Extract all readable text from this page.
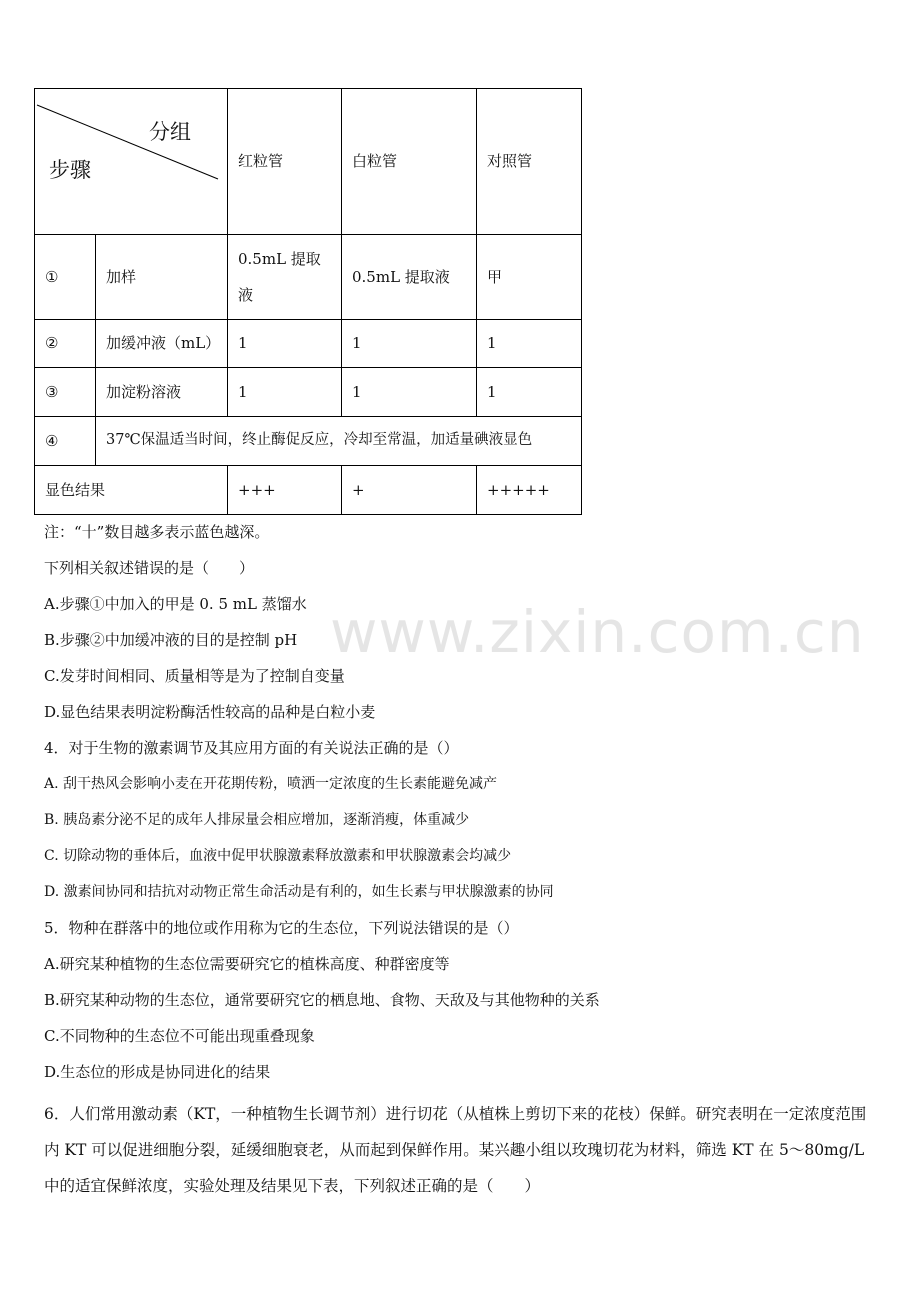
分组
步骤		红粒管	白粒管	对照管
①	加样	0.5mL 提取液	0.5mL 提取液	甲
②	加缓冲液（mL）	1	1	1
③	加淀粉溶液	1	1	1
④	37℃保温适当时间，终止酶促反应，冷却至常温，加适量碘液显色			
显色结果		+++	+	+++++
www.zixin.com.cn
注：“十”数目越多表示蓝色越深。
下列相关叙述错误的是（　　）
A.步骤①中加入的甲是 0. 5 mL 蒸馏水
B.步骤②中加缓冲液的目的是控制 pH
C.发芽时间相同、质量相等是为了控制自变量
D.显色结果表明淀粉酶活性较高的品种是白粒小麦
4．对于生物的激素调节及其应用方面的有关说法正确的是（）
A. 刮干热风会影响小麦在开花期传粉，喷洒一定浓度的生长素能避免减产
B. 胰岛素分泌不足的成年人排尿量会相应增加，逐渐消瘦，体重减少
C. 切除动物的垂体后，血液中促甲状腺激素释放激素和甲状腺激素会均减少
D. 激素间协同和拮抗对动物正常生命活动是有利的，如生长素与甲状腺激素的协同
5．物种在群落中的地位或作用称为它的生态位，下列说法错误的是（）
A.研究某种植物的生态位需要研究它的植株高度、种群密度等
B.研究某种动物的生态位，通常要研究它的栖息地、食物、天敌及与其他物种的关系
C.不同物种的生态位不可能出现重叠现象
D.生态位的形成是协同进化的结果
6．人们常用激动素（KT，一种植物生长调节剂）进行切花（从植株上剪切下来的花枝）保鲜。研究表明在一定浓度范围内 KT 可以促进细胞分裂，延缓细胞衰老，从而起到保鲜作用。某兴趣小组以玫瑰切花为材料，筛选 KT 在 5～80mg/L 中的适宜保鲜浓度，实验处理及结果见下表，下列叙述正确的是（　　）
